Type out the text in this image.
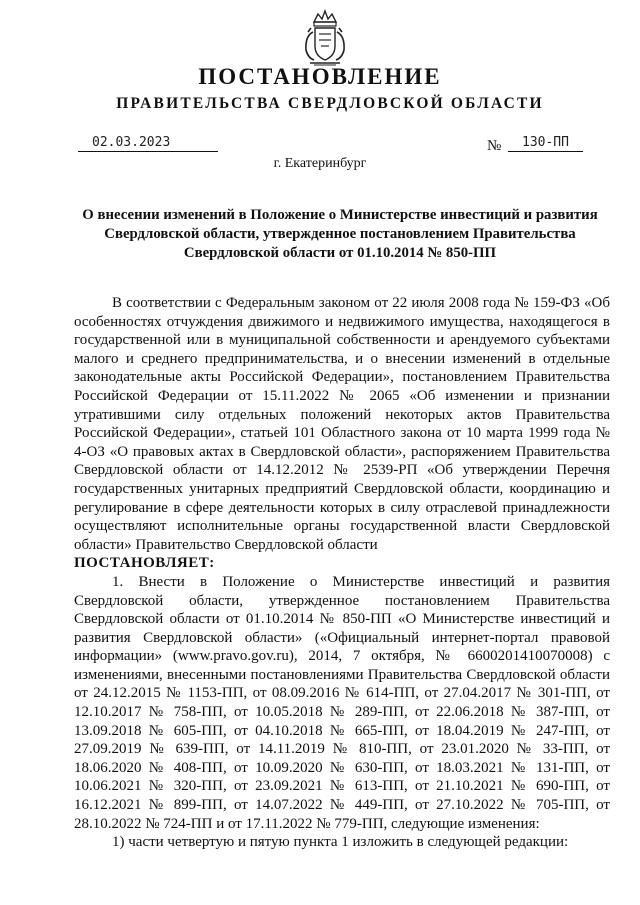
ПОСТАНОВЛЕНИЕ
ПРАВИТЕЛЬСТВА СВЕРДЛОВСКОЙ ОБЛАСТИ
02.03.2023	№	130-ПП
г. Екатеринбург
О внесении изменений в Положение о Министерстве инвестиций и развития Свердловской области, утвержденное постановлением Правительства Свердловской области от 01.10.2014 № 850-ПП

В соответствии с Федеральным законом от 22 июля 2008 года № 159-ФЗ «Об особенностях отчуждения движимого и недвижимого имущества, находящегося в государственной или в муниципальной собственности и арендуемого субъектами малого и среднего предпринимательства, и о внесении изменений в отдельные законодательные акты Российской Федерации», постановлением Правительства Российской Федерации от 15.11.2022 № 2065 «Об изменении и признании утратившими силу отдельных положений некоторых актов Правительства Российской Федерации», статьей 101 Областного закона от 10 марта 1999 года № 4-ОЗ «О правовых актах в Свердловской области», распоряжением Правительства Свердловской области от 14.12.2012 № 2539-РП «Об утверждении Перечня государственных унитарных предприятий Свердловской области, координацию и регулирование в сфере деятельности которых в силу отраслевой принадлежности осуществляют исполнительные органы государственной власти Свердловской области» Правительство Свердловской области

ПОСТАНОВЛЯЕТ:

1. Внести в Положение о Министерстве инвестиций и развития Свердловской области, утвержденное постановлением Правительства Свердловской области от 01.10.2014 № 850-ПП «О Министерстве инвестиций и развития Свердловской области» («Официальный интернет-портал правовой информации» (www.pravo.gov.ru), 2014, 7 октября, № 6600201410070008) с изменениями, внесенными постановлениями Правительства Свердловской области от 24.12.2015 № 1153-ПП, от 08.09.2016 № 614-ПП, от 27.04.2017 № 301-ПП, от 12.10.2017 № 758-ПП, от 10.05.2018 № 289-ПП, от 22.06.2018 № 387-ПП, от 13.09.2018 № 605-ПП, от 04.10.2018 № 665-ПП, от 18.04.2019 № 247-ПП, от 27.09.2019 № 639-ПП, от 14.11.2019 № 810-ПП, от 23.01.2020 № 33-ПП, от 18.06.2020 № 408-ПП, от 10.09.2020 № 630-ПП, от 18.03.2021 № 131-ПП, от 10.06.2021 № 320-ПП, от 23.09.2021 № 613-ПП, от 21.10.2021 № 690-ПП, от 16.12.2021 № 899-ПП, от 14.07.2022 № 449-ПП, от 27.10.2022 № 705-ПП, от 28.10.2022 № 724-ПП и от 17.11.2022 № 779-ПП, следующие изменения:

1) части четвертую и пятую пункта 1 изложить в следующей редакции:
